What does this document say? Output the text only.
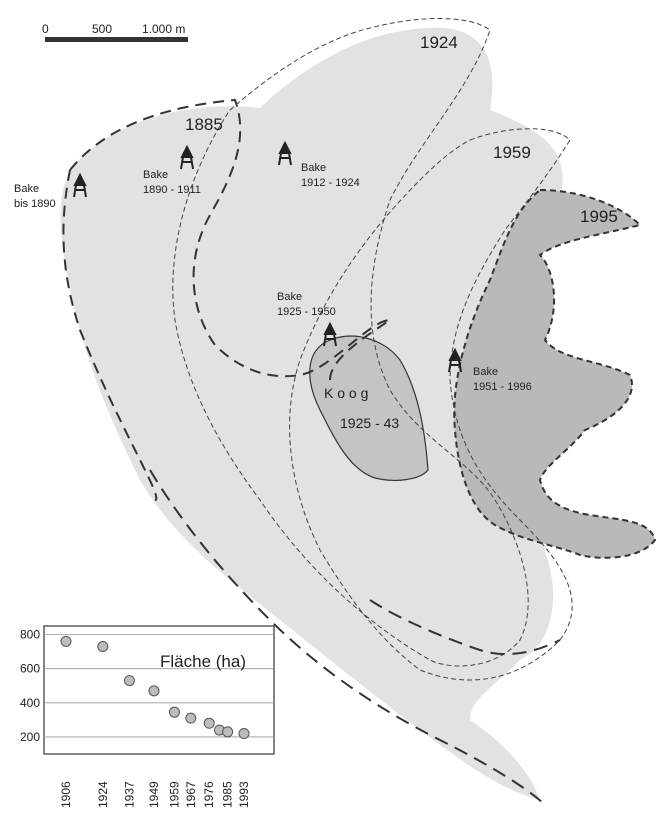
0	500 1.000 m
1885
1924
1959
1995
K o o g
1925 - 43
Bake
bis 1890
Bake
1890 - 1911
Bake
1912 - 1924
Bake
1925 - 1950
Bake
1951 - 1996
800
600
400
200
1906 1924 1937 1949 1959 1967 1976 1985 1993
Fläche (ha)
